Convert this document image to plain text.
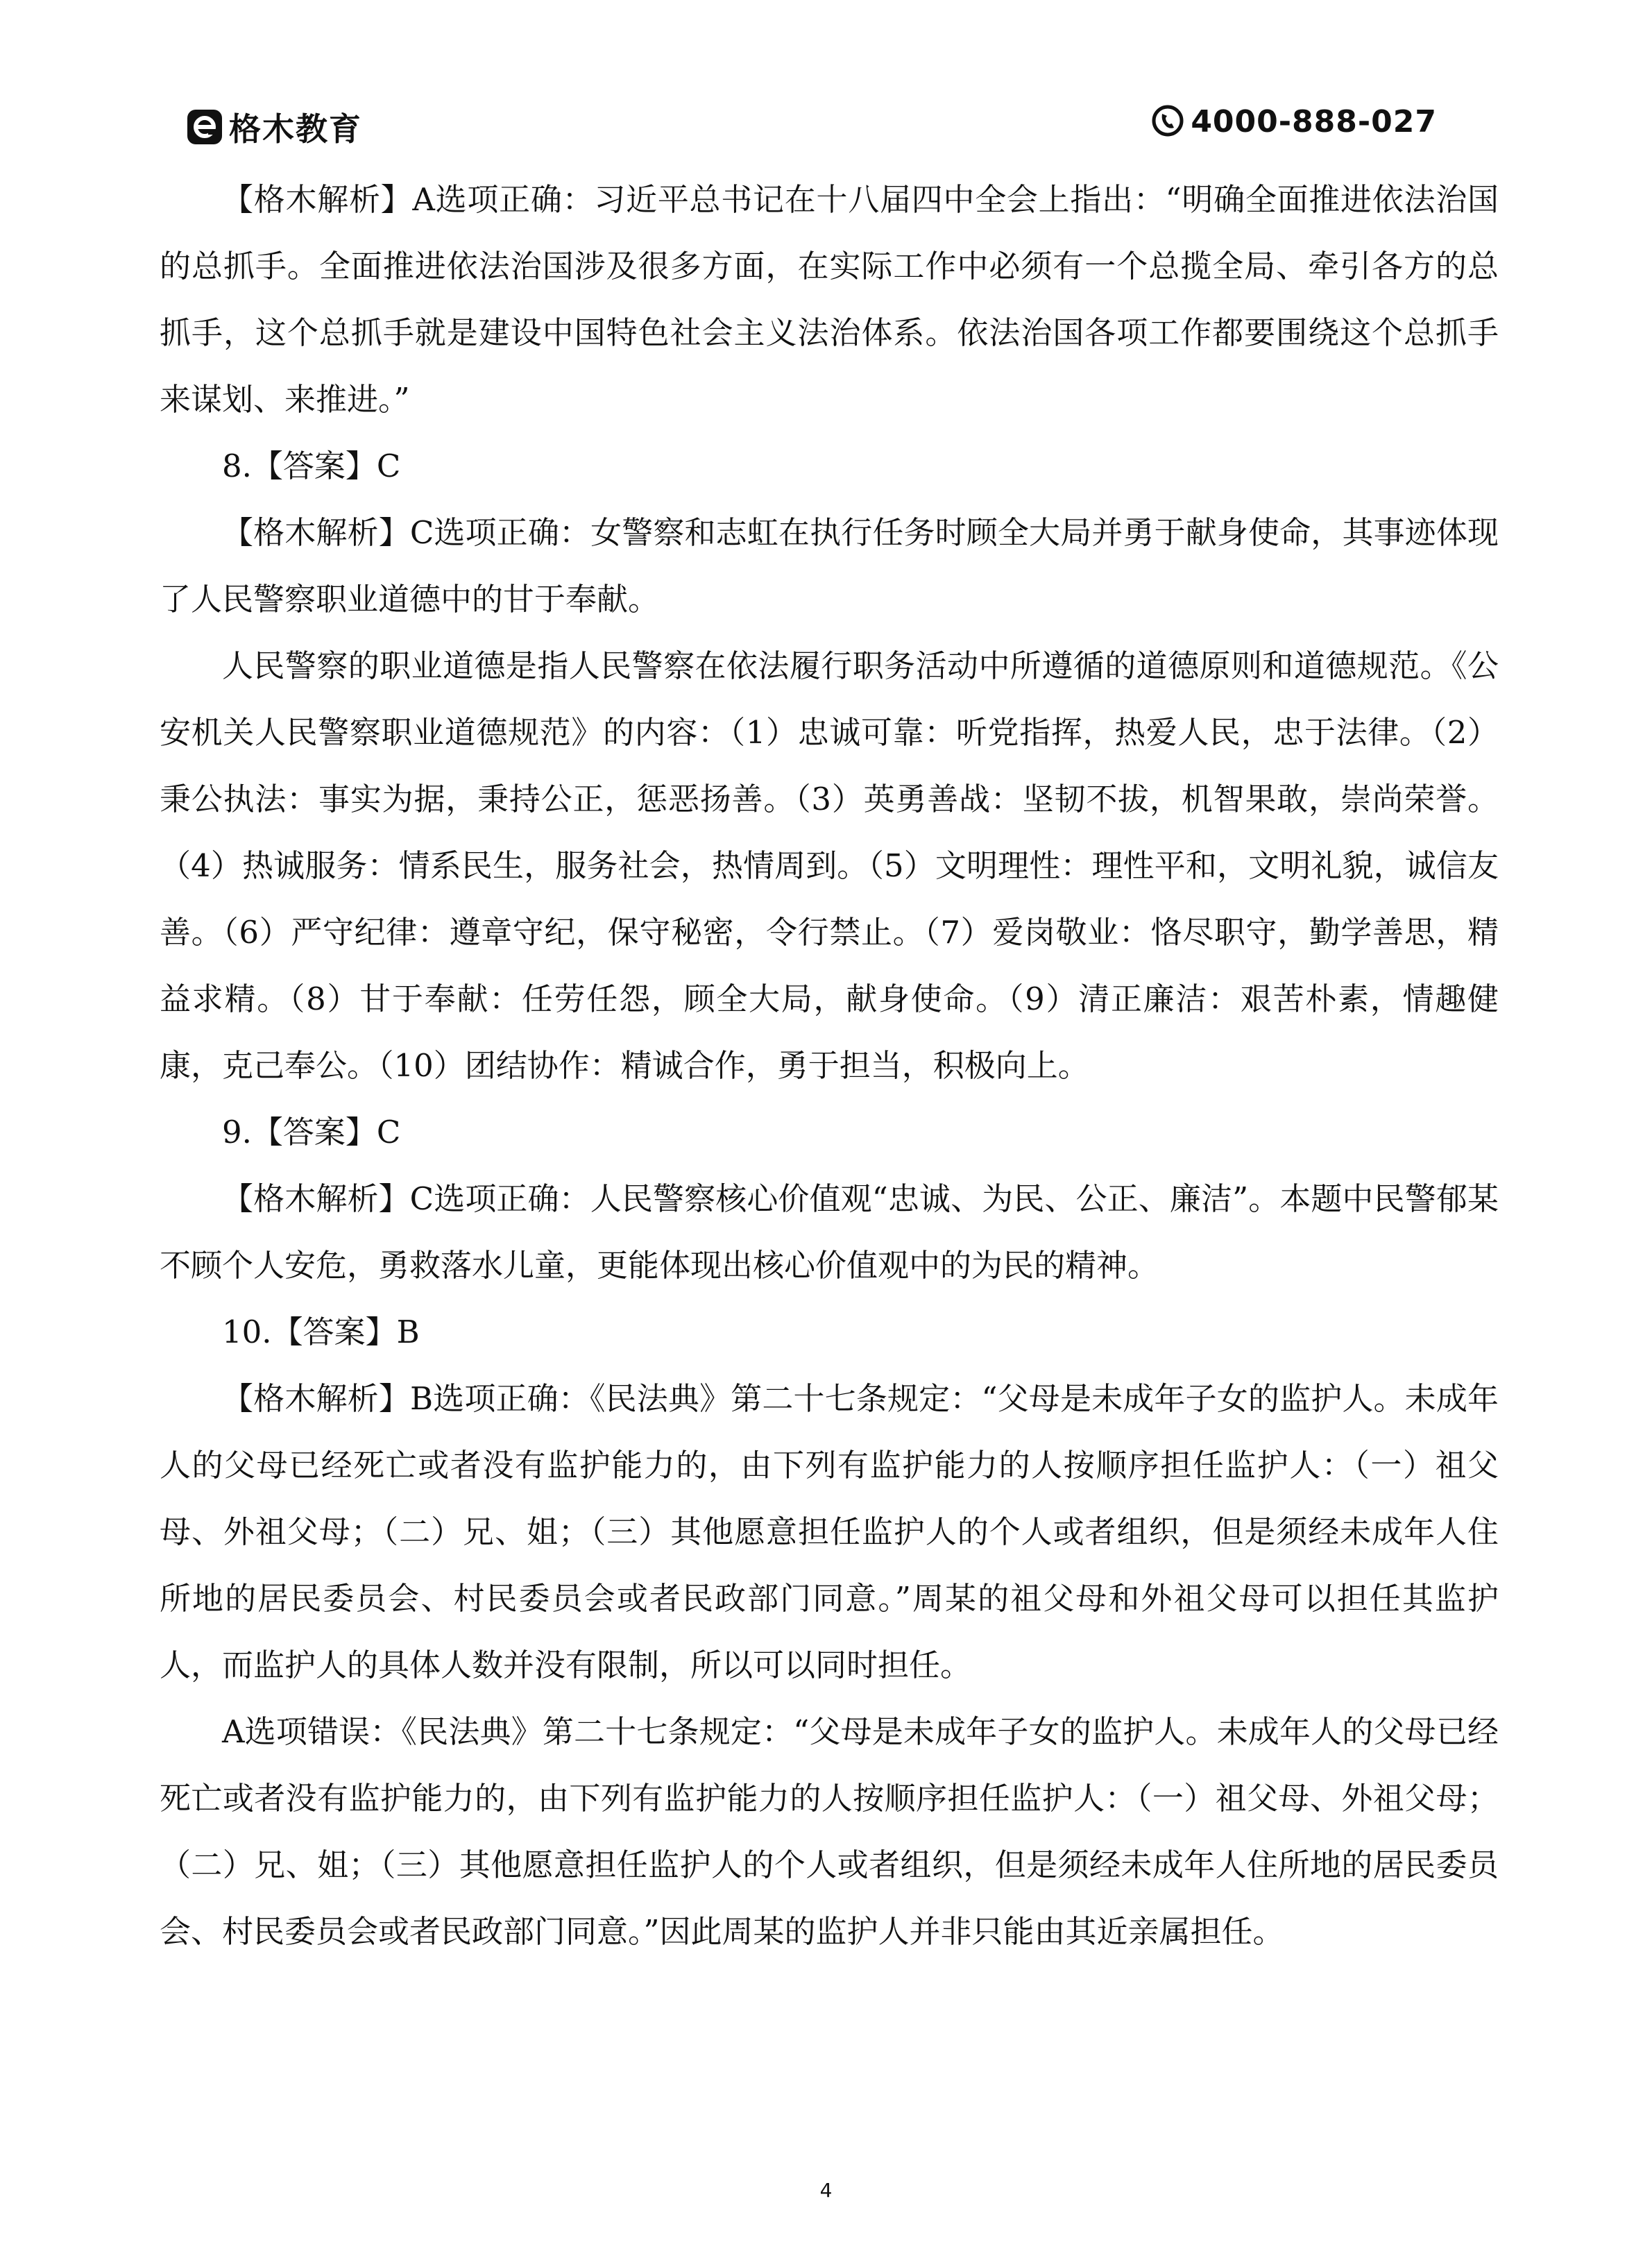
格木教育	4000-888-027

【格木解析】A选项正确：习近平总书记在十八届四中全会上指出：“明确全面推进依法治国的总抓手。全面推进依法治国涉及很多方面，在实际工作中必须有一个总揽全局、牵引各方的总抓手，这个总抓手就是建设中国特色社会主义法治体系。依法治国各项工作都要围绕这个总抓手来谋划、来推进。”

8.【答案】C

【格木解析】C选项正确：女警察和志虹在执行任务时顾全大局并勇于献身使命，其事迹体现了人民警察职业道德中的甘于奉献。

人民警察的职业道德是指人民警察在依法履行职务活动中所遵循的道德原则和道德规范。《公安机关人民警察职业道德规范》的内容：（1）忠诚可靠：听党指挥，热爱人民，忠于法律。（2）秉公执法：事实为据，秉持公正，惩恶扬善。（3）英勇善战：坚韧不拔，机智果敢，崇尚荣誉。（4）热诚服务：情系民生，服务社会，热情周到。（5）文明理性：理性平和，文明礼貌，诚信友善。（6）严守纪律：遵章守纪，保守秘密，令行禁止。（7）爱岗敬业：恪尽职守，勤学善思，精益求精。（8）甘于奉献：任劳任怨，顾全大局，献身使命。（9）清正廉洁：艰苦朴素，情趣健康，克己奉公。（10）团结协作：精诚合作，勇于担当，积极向上。

9.【答案】C

【格木解析】C选项正确：人民警察核心价值观“忠诚、为民、公正、廉洁”。本题中民警郁某不顾个人安危，勇救落水儿童，更能体现出核心价值观中的为民的精神。

10.【答案】B

【格木解析】B选项正确：《民法典》第二十七条规定：“父母是未成年子女的监护人。未成年人的父母已经死亡或者没有监护能力的，由下列有监护能力的人按顺序担任监护人：（一）祖父母、外祖父母；（二）兄、姐；（三）其他愿意担任监护人的个人或者组织，但是须经未成年人住所地的居民委员会、村民委员会或者民政部门同意。”周某的祖父母和外祖父母可以担任其监护人，而监护人的具体人数并没有限制，所以可以同时担任。

A选项错误：《民法典》第二十七条规定：“父母是未成年子女的监护人。未成年人的父母已经死亡或者没有监护能力的，由下列有监护能力的人按顺序担任监护人：（一）祖父母、外祖父母；（二）兄、姐；（三）其他愿意担任监护人的个人或者组织，但是须经未成年人住所地的居民委员会、村民委员会或者民政部门同意。”因此周某的监护人并非只能由其近亲属担任。

4
